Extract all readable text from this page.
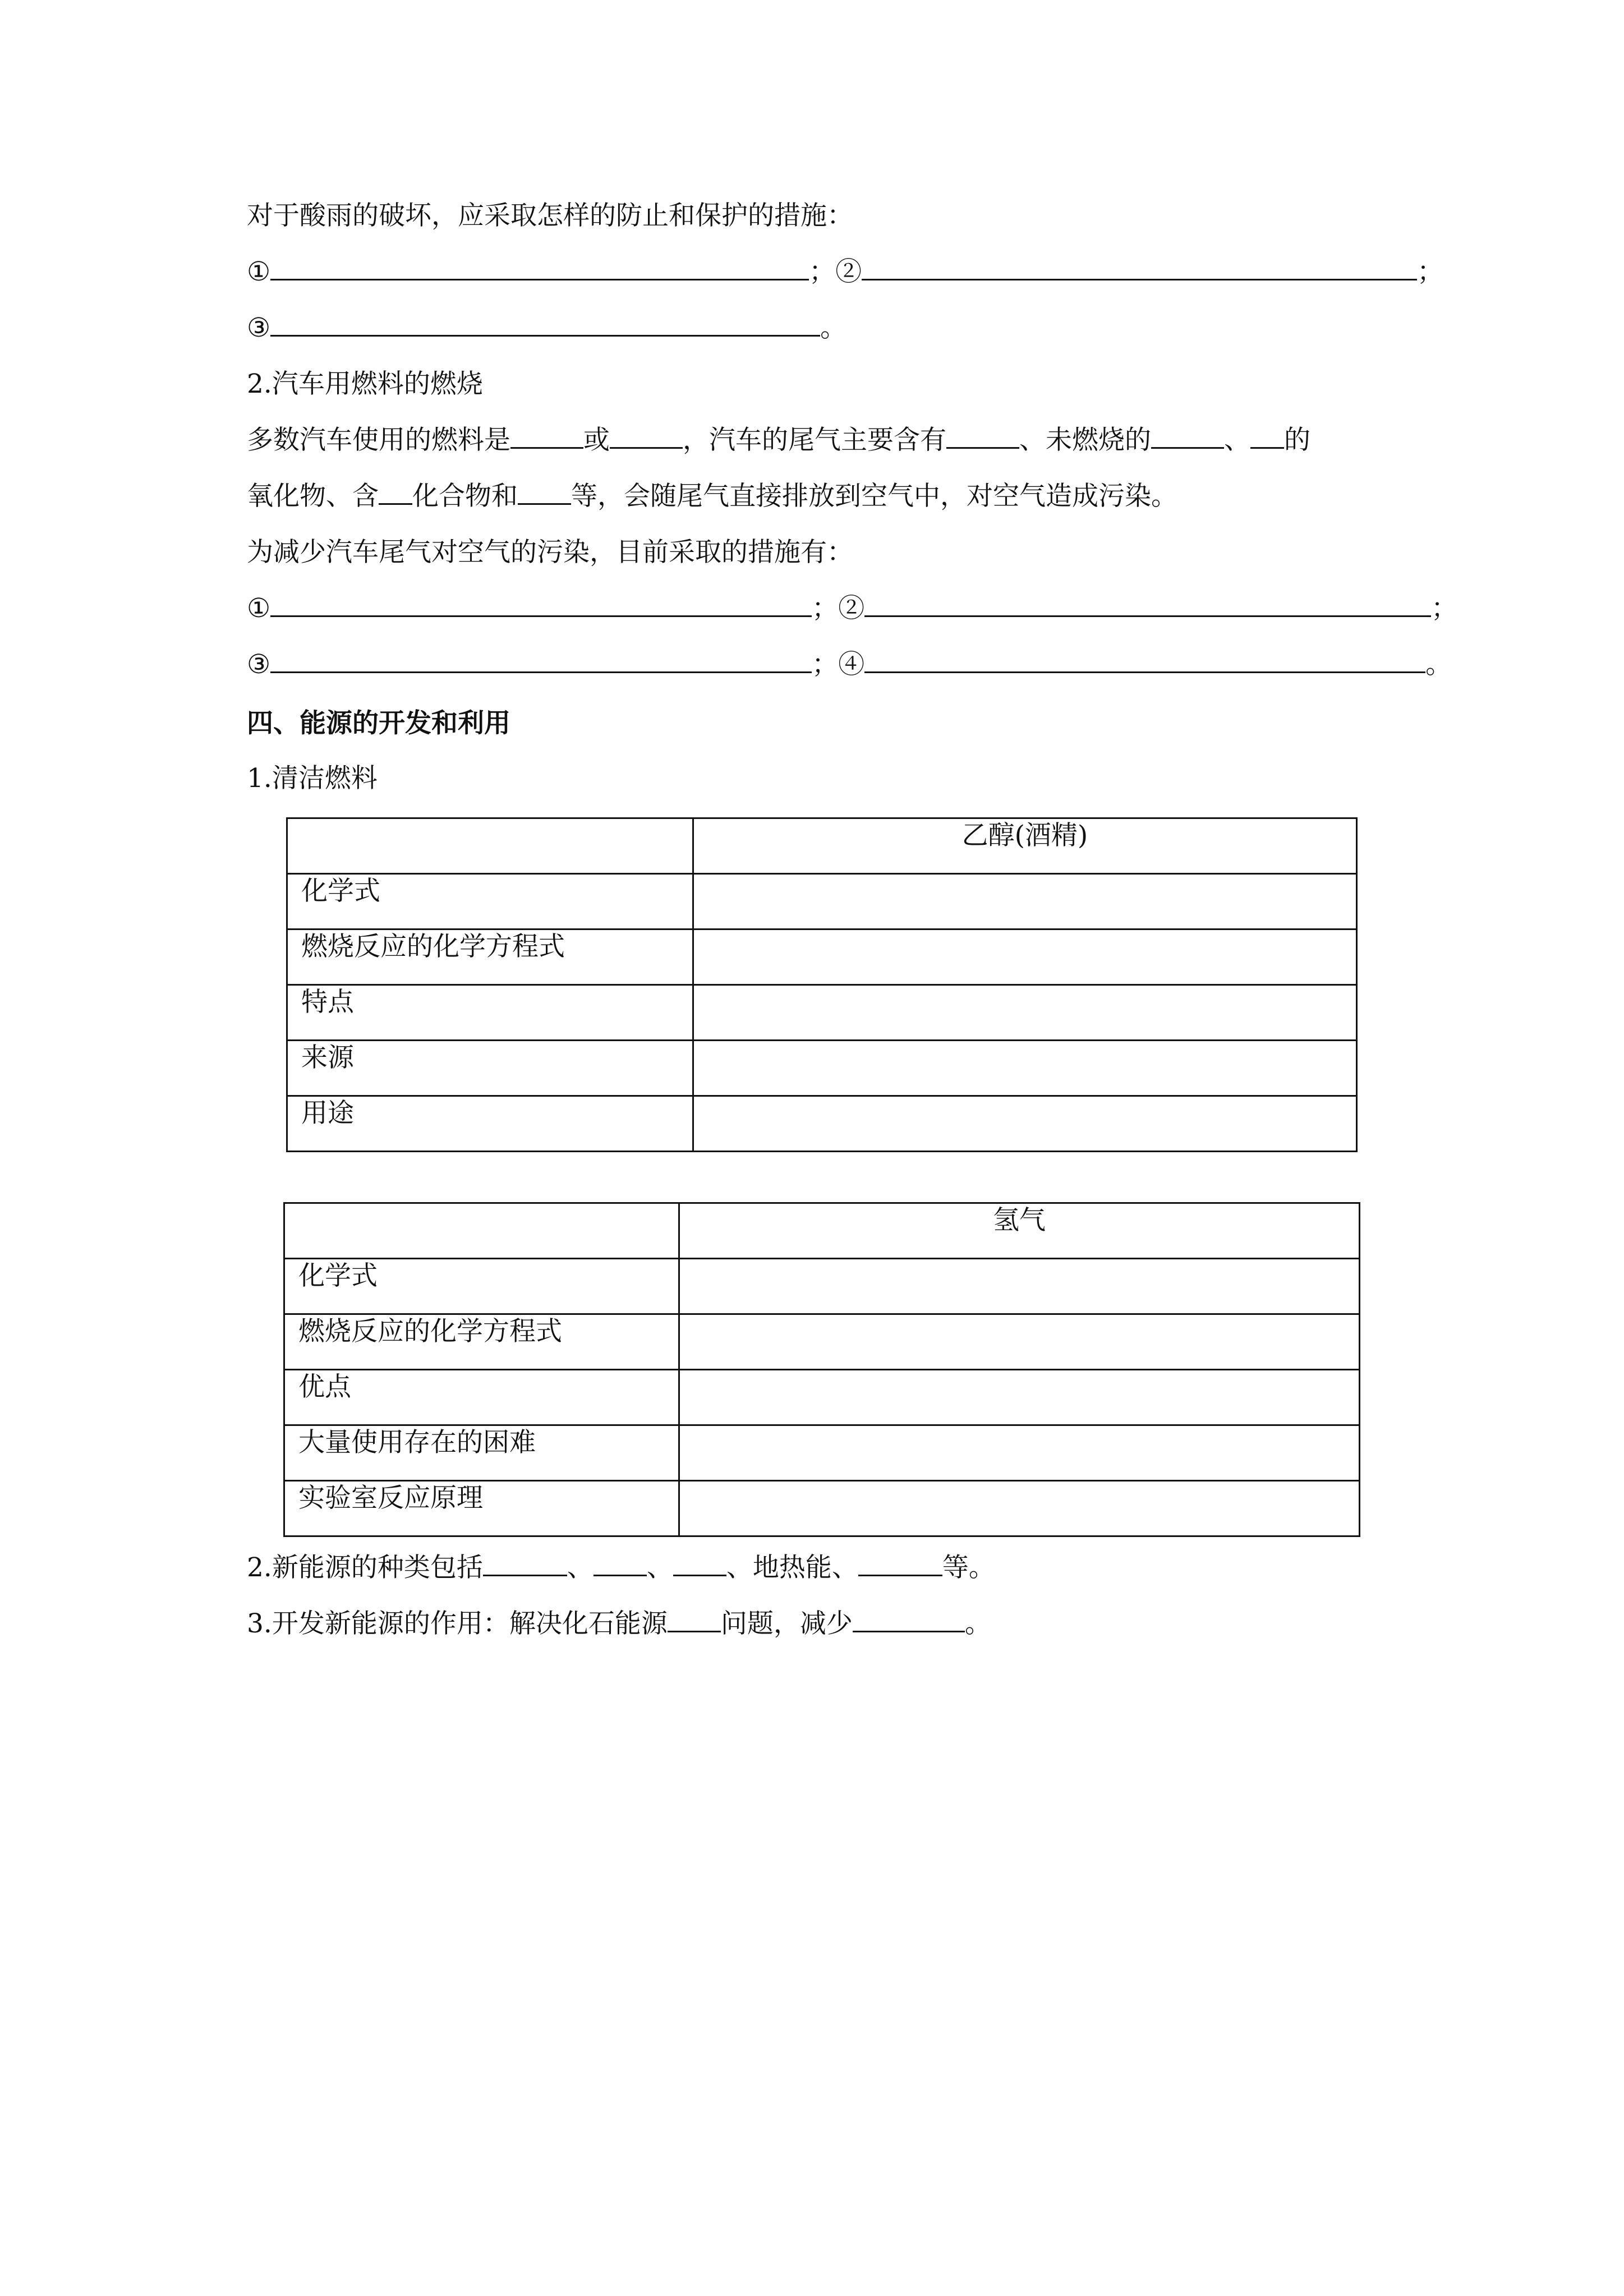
对于酸雨的破坏，应采取怎样的防止和保护的措施：
①	；②	；
③	。
2.汽车用燃料的燃烧
多数汽车使用的燃料是	或	，汽车的尾气主要含有	、未燃烧的	、 的
氧化物、含 化合物和 等，会随尾气直接排放到空气中，对空气造成污染。
为减少汽车尾气对空气的污染，目前采取的措施有：
①	；②	；
③	；④	。
四、能源的开发和利用
1.清洁燃料
	乙醇(酒精)
化学式	
燃烧反应的化学方程式	
特点	
来源	
用途	
	氢气
化学式	
燃烧反应的化学方程式	
优点	
大量使用存在的困难	
实验室反应原理	
2.新能源的种类包括	、 、 、地热能、	等。
3.开发新能源的作用：解决化石能源 问题，减少	。
